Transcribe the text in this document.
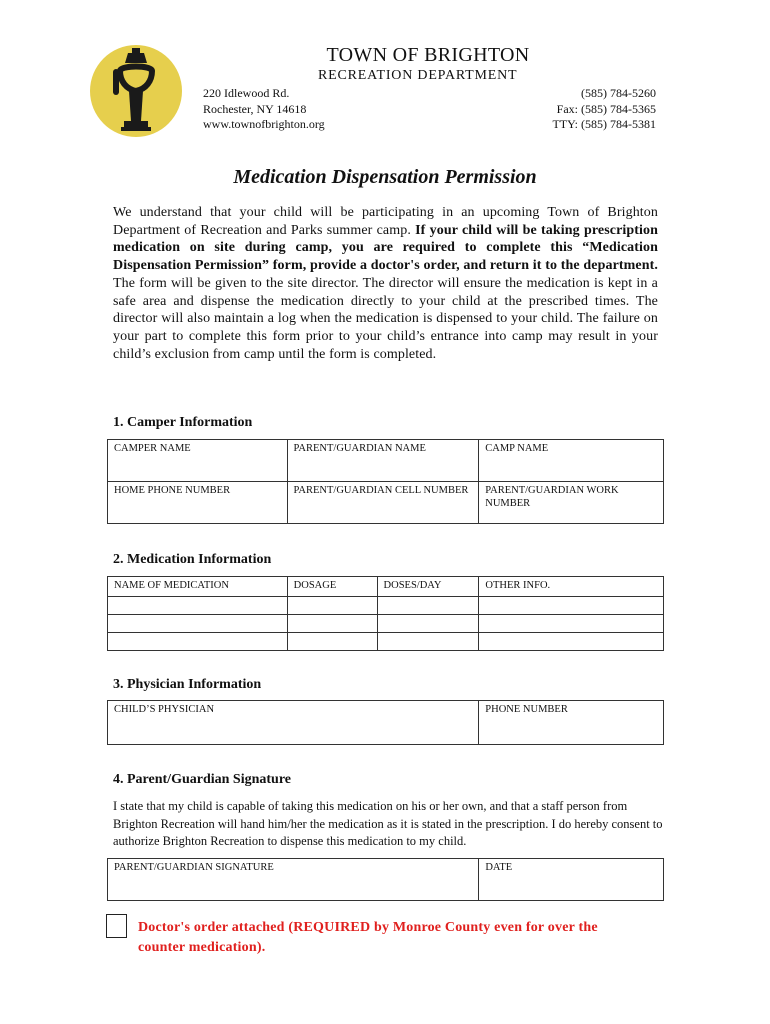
TOWN OF BRIGHTON
RECREATION DEPARTMENT
220 Idlewood Rd.
Rochester, NY 14618
www.townofbrighton.org
(585) 784-5260
Fax: (585) 784-5365
TTY: (585) 784-5381
Medication Dispensation Permission
We understand that your child will be participating in an upcoming Town of Brighton Department of Recreation and Parks summer camp. If your child will be taking prescription medication on site during camp, you are required to complete this “Medication Dispensation Permission” form, provide a doctor's order, and return it to the department. The form will be given to the site director. The director will ensure the medication is kept in a safe area and dispense the medication directly to your child at the prescribed times. The director will also maintain a log when the medication is dispensed to your child. The failure on your part to complete this form prior to your child’s entrance into camp may result in your child’s exclusion from camp until the form is completed.
1. Camper Information
CAMPER NAME	PARENT/GUARDIAN NAME	CAMP NAME
HOME PHONE NUMBER	PARENT/GUARDIAN CELL NUMBER	PARENT/GUARDIAN WORK NUMBER
2. Medication Information
NAME OF MEDICATION	DOSAGE	DOSES/DAY	OTHER INFO.

3. Physician Information
CHILD’S PHYSICIAN	PHONE NUMBER
4. Parent/Guardian Signature
I state that my child is capable of taking this medication on his or her own, and that a staff person from Brighton Recreation will hand him/her the medication as it is stated in the prescription. I do hereby consent to authorize Brighton Recreation to dispense this medication to my child.
PARENT/GUARDIAN SIGNATURE	DATE
Doctor's order attached (REQUIRED by Monroe County even for over the counter medication).
